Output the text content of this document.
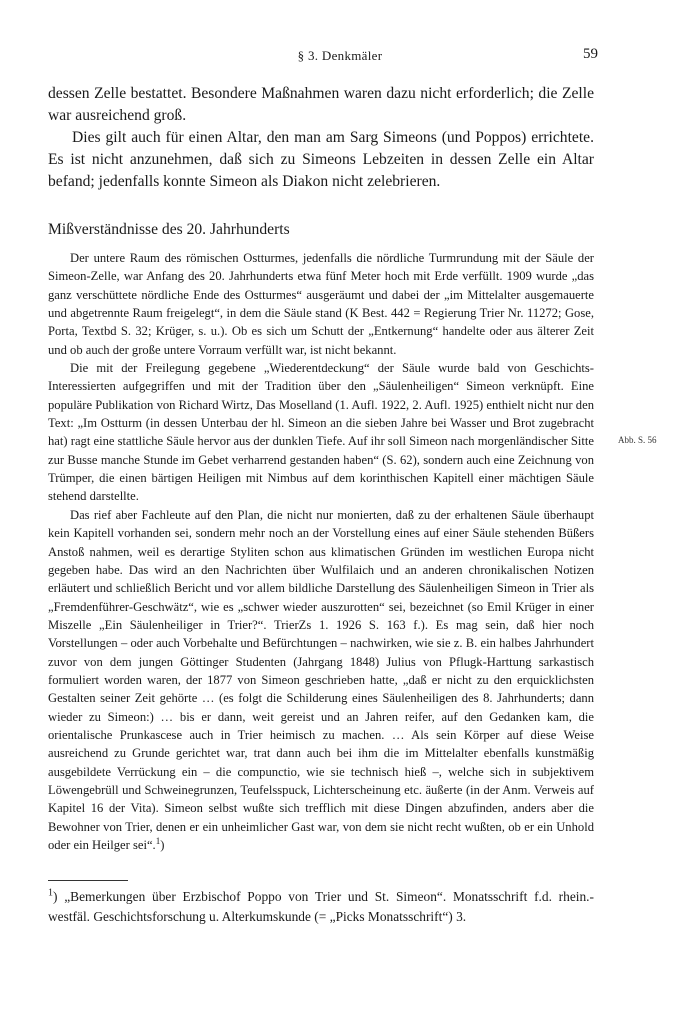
§ 3. Denkmäler	59

dessen Zelle bestattet. Besondere Maßnahmen waren dazu nicht erforderlich; die Zelle war ausreichend groß.

Dies gilt auch für einen Altar, den man am Sarg Simeons (und Poppos) errichtete. Es ist nicht anzunehmen, daß sich zu Simeons Lebzeiten in dessen Zelle ein Altar befand; jedenfalls konnte Simeon als Diakon nicht zelebrieren.

Mißverständnisse des 20. Jahrhunderts

Der untere Raum des römischen Ostturmes, jedenfalls die nördliche Turmrundung mit der Säule der Simeon-Zelle, war Anfang des 20. Jahrhunderts etwa fünf Meter hoch mit Erde verfüllt. 1909 wurde „das ganz verschüttete nördliche Ende des Ostturmes“ ausgeräumt und dabei der „im Mittelalter ausgemauerte und abgetrennte Raum freigelegt“, in dem die Säule stand (K Best. 442 = Regierung Trier Nr. 11272; Gose, Porta, Textbd S. 32; Krüger, s. u.). Ob es sich um Schutt der „Entkernung“ handelte oder aus älterer Zeit und ob auch der große untere Vorraum verfüllt war, ist nicht bekannt.

Die mit der Freilegung gegebene „Wiederentdeckung“ der Säule wurde bald von Geschichts-Interessierten aufgegriffen und mit der Tradition über den „Säulenheiligen“ Simeon verknüpft. Eine populäre Publikation von Richard Wirtz, Das Moselland (1. Aufl. 1922, 2. Aufl. 1925) enthielt nicht nur den Text: „Im Ostturm (in dessen Unterbau der hl. Simeon an die sieben Jahre bei Wasser und Brot zugebracht hat) ragt eine stattliche Säule hervor aus der dunklen Tiefe. Auf ihr soll Simeon nach morgenländischer Sitte zur Busse manche Stunde im Gebet verharrend gestanden haben“ (S. 62), sondern auch eine Zeichnung von Trümper, die einen bärtigen Heiligen mit Nimbus auf dem korinthischen Kapitell einer mächtigen Säule stehend darstellte.

Das rief aber Fachleute auf den Plan, die nicht nur monierten, daß zu der erhaltenen Säule überhaupt kein Kapitell vorhanden sei, sondern mehr noch an der Vorstellung eines auf einer Säule stehenden Büßers Anstoß nahmen, weil es derartige Styliten schon aus klimatischen Gründen im westlichen Europa nicht gegeben habe. Das wird an den Nachrichten über Wulfilaich und an anderen chronikalischen Notizen erläutert und schließlich Bericht und vor allem bildliche Darstellung des Säulenheiligen Simeon in Trier als „Fremdenführer-Geschwätz“, wie es „schwer wieder auszurotten“ sei, bezeichnet (so Emil Krüger in einer Miszelle „Ein Säulenheiliger in Trier?“. TrierZs 1. 1926 S. 163 f.). Es mag sein, daß hier noch Vorstellungen – oder auch Vorbehalte und Befürchtungen – nachwirken, wie sie z. B. ein halbes Jahrhundert zuvor von dem jungen Göttinger Studenten (Jahrgang 1848) Julius von Pflugk-Harttung sarkastisch formuliert worden waren, der 1877 von Simeon geschrieben hatte, „daß er nicht zu den erquicklichsten Gestalten seiner Zeit gehörte … (es folgt die Schilderung eines Säulenheiligen des 8. Jahrhunderts; dann wieder zu Simeon:) … bis er dann, weit gereist und an Jahren reifer, auf den Gedanken kam, die orientalische Prunkascese auch in Trier heimisch zu machen. … Als sein Körper auf diese Weise ausreichend zu Grunde gerichtet war, trat dann auch bei ihm die im Mittelalter ebenfalls kunstmäßig ausgebildete Verrückung ein – die compunctio, wie sie technisch hieß –, welche sich in subjektivem Löwengebrüll und Schweinegrunzen, Teufelsspuck, Lichterscheinung etc. äußerte (in der Anm. Verweis auf Kapitel 16 der Vita). Simeon selbst wußte sich trefflich mit diese Dingen abzufinden, anders aber die Bewohner von Trier, denen er ein unheimlicher Gast war, von dem sie nicht recht wußten, ob er ein Unhold oder ein Heilger sei“.$^1$)

Abb. S. 56
$^1$) „Bemerkungen über Erzbischof Poppo von Trier und St. Simeon“. Monatsschrift f.d. rhein.-westfäl. Geschichtsforschung u. Alterkumskunde (= „Picks Monatsschrift“) 3.
